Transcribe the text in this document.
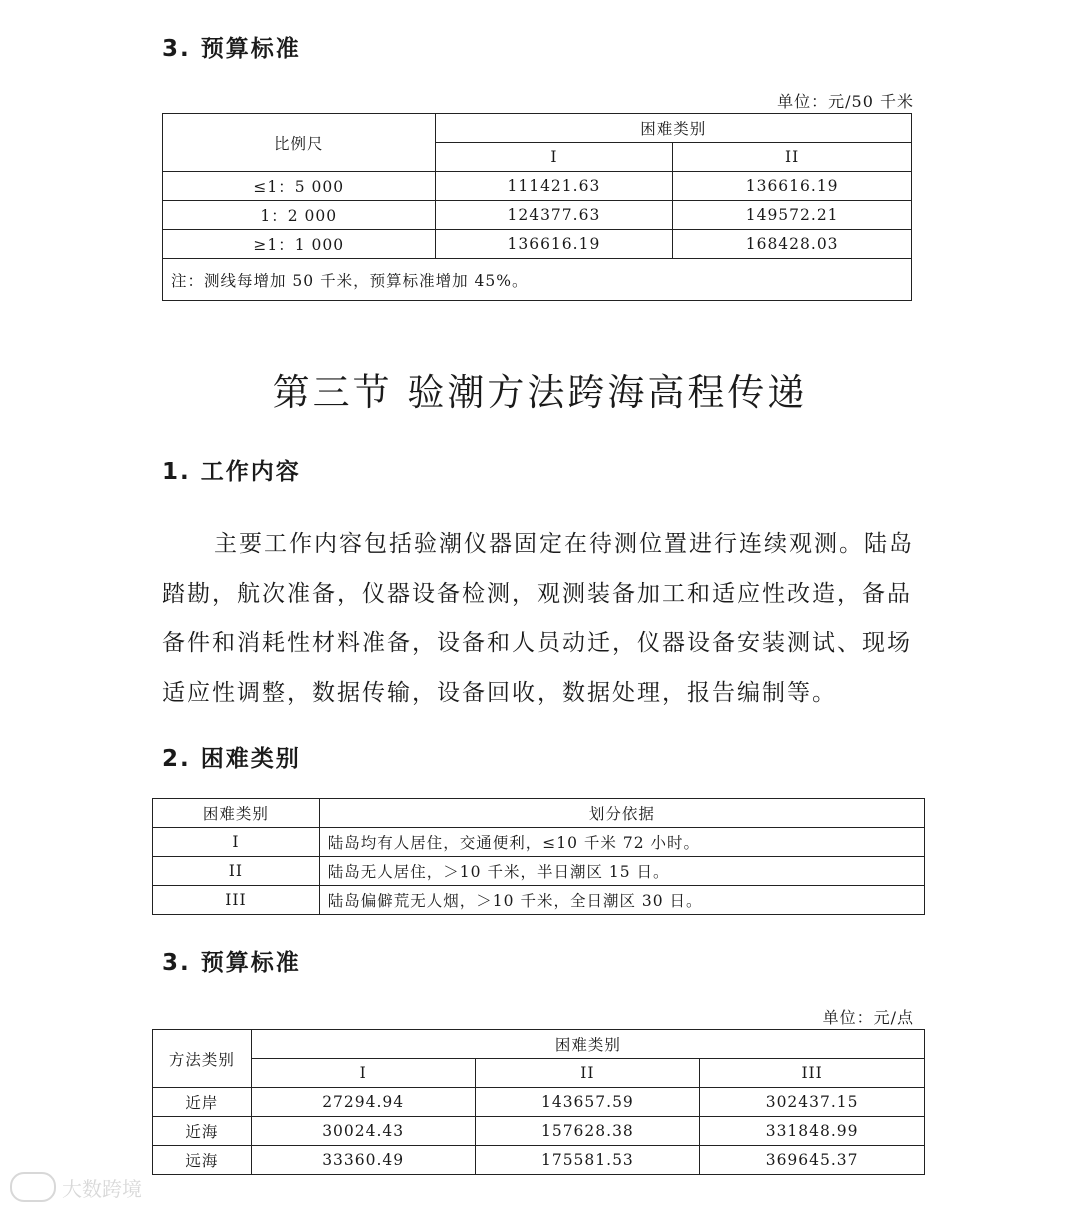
3. 预算标准
单位：元/50 千米
比例尺	困难类别	
	I	II
≤1：5 000	111421.63	136616.19
1：2 000	124377.63	149572.21
≥1：1 000	136616.19	168428.03
注：测线每增加 50 千米，预算标准增加 45%。		
第三节 验潮方法跨海高程传递
1. 工作内容

主要工作内容包括验潮仪器固定在待测位置进行连续观测。陆岛踏勘，航次准备，仪器设备检测，观测装备加工和适应性改造，备品备件和消耗性材料准备，设备和人员动迁，仪器设备安装测试、现场适应性调整，数据传输，设备回收，数据处理，报告编制等。

2. 困难类别
困难类别	划分依据
I	陆岛均有人居住，交通便利，≤10 千米 72 小时。
II	陆岛无人居住，＞10 千米，半日潮区 15 日。
III	陆岛偏僻荒无人烟，＞10 千米，全日潮区 30 日。
3. 预算标准
单位：元/点
方法类别	困难类别		
	I	II	III
近岸	27294.94	143657.59	302437.15
近海	30024.43	157628.38	331848.99
远海	33360.49	175581.53	369645.37
大数跨境
